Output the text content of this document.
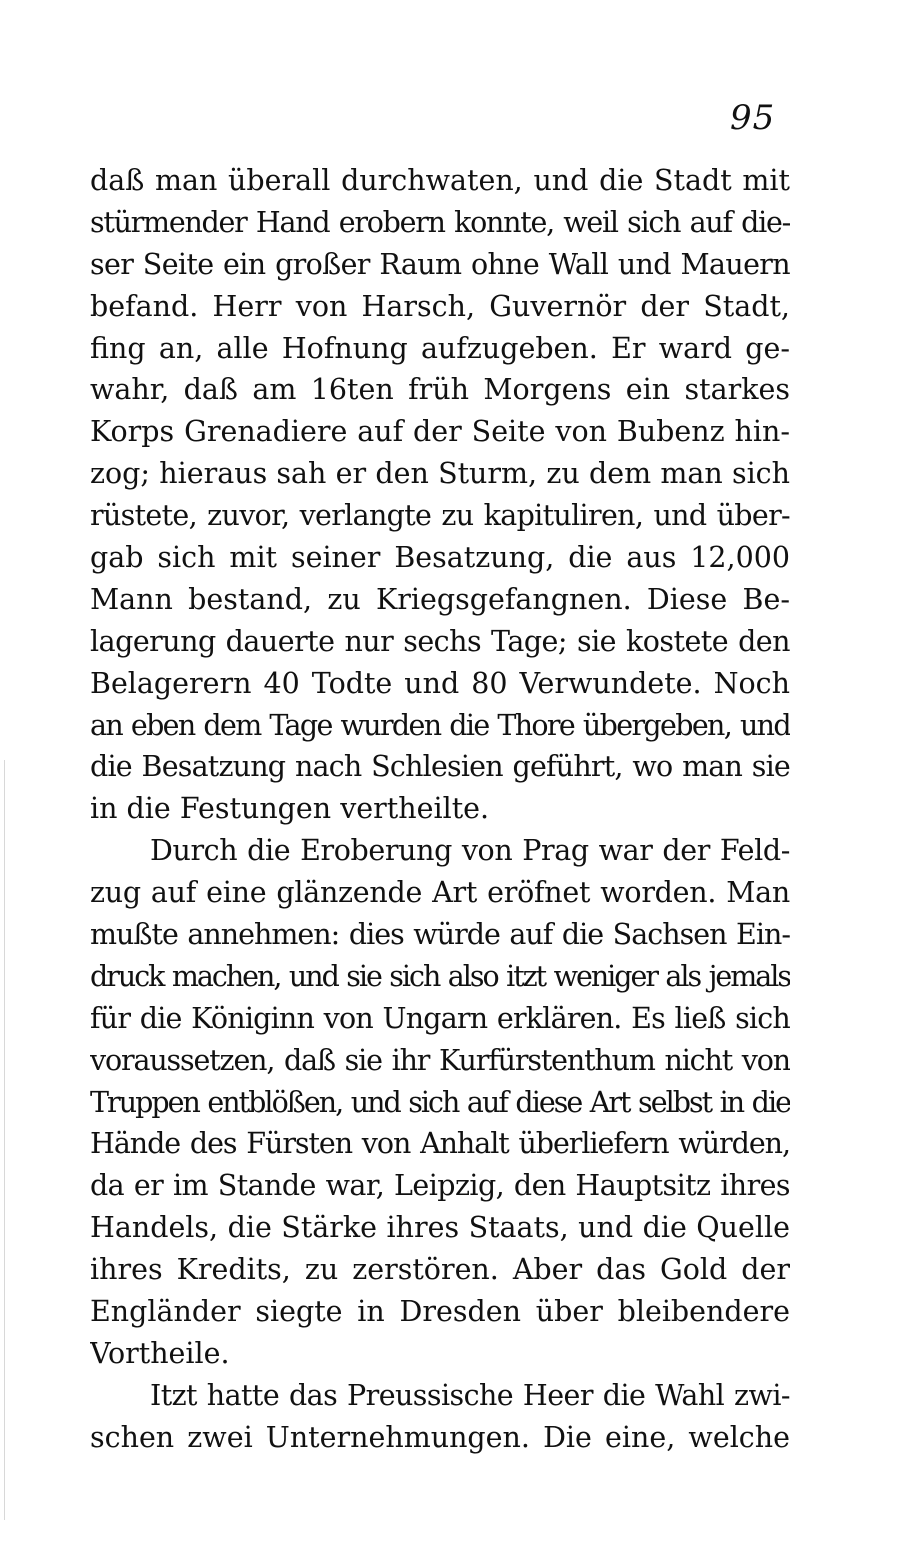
95
daß man überall durchwaten, und die Stadt mit
stürmender Hand erobern konnte, weil sich auf die-
ser Seite ein großer Raum ohne Wall und Mauern
befand. Herr von Harsch, Guvernör der Stadt,
fing an, alle Hofnung aufzugeben. Er ward ge-
wahr, daß am 16ten früh Morgens ein starkes
Korps Grenadiere auf der Seite von Bubenz hin-
zog; hieraus sah er den Sturm, zu dem man sich
rüstete, zuvor, verlangte zu kapituliren, und über-
gab sich mit seiner Besatzung, die aus 12,000
Mann bestand, zu Kriegsgefangnen. Diese Be-
lagerung dauerte nur sechs Tage; sie kostete den
Belagerern 40 Todte und 80 Verwundete. Noch
an eben dem Tage wurden die Thore übergeben, und
die Besatzung nach Schlesien geführt, wo man sie
in die Festungen vertheilte.
Durch die Eroberung von Prag war der Feld-
zug auf eine glänzende Art eröfnet worden. Man
mußte annehmen: dies würde auf die Sachsen Ein-
druck machen, und sie sich also itzt weniger als jemals
für die Königinn von Ungarn erklären. Es ließ sich
voraussetzen, daß sie ihr Kurfürstenthum nicht von
Truppen entblößen, und sich auf diese Art selbst in die
Hände des Fürsten von Anhalt überliefern würden,
da er im Stande war, Leipzig, den Hauptsitz ihres
Handels, die Stärke ihres Staats, und die Quelle
ihres Kredits, zu zerstören. Aber das Gold der
Engländer siegte in Dresden über bleibendere
Vortheile.
Itzt hatte das Preussische Heer die Wahl zwi-
schen zwei Unternehmungen. Die eine, welche
